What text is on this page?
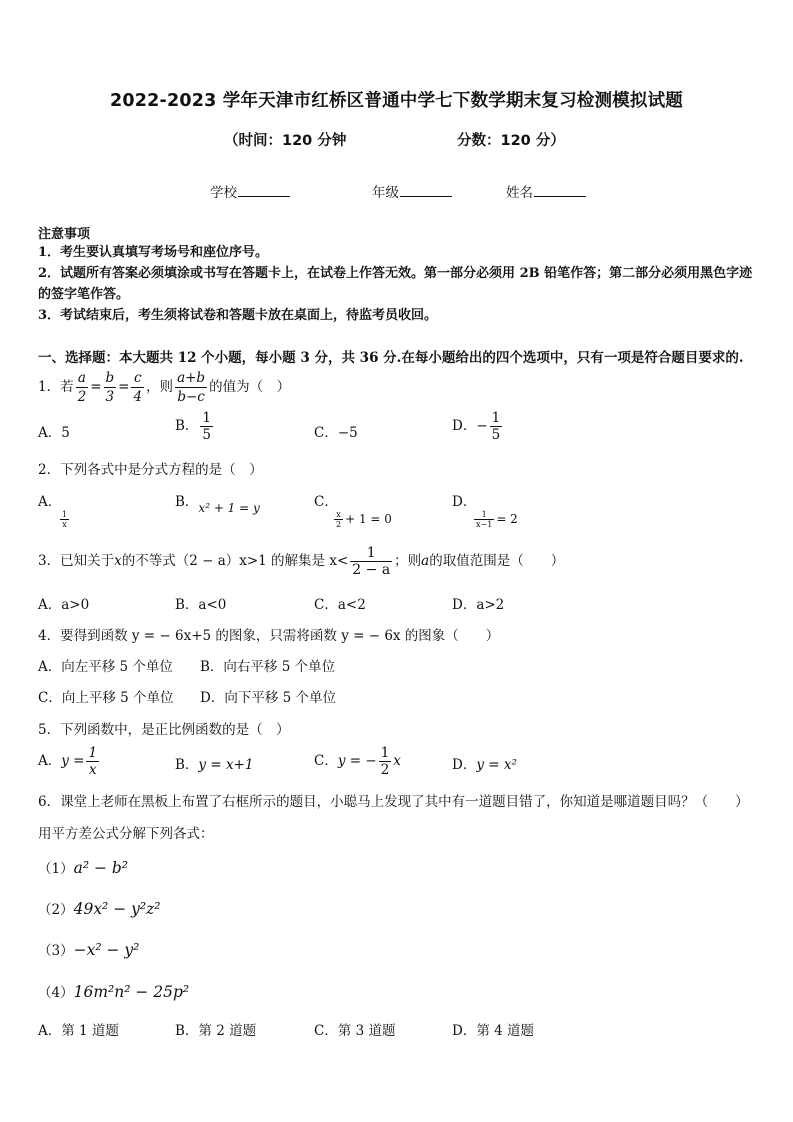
2022-2023 学年天津市红桥区普通中学七下数学期末复习检测模拟试题
（时间：120 分钟	分数：120 分）
学校	年级	姓名
注意事项
1．考生要认真填写考场号和座位序号。
2．试题所有答案必须填涂或书写在答题卡上，在试卷上作答无效。第一部分必须用 2B 铅笔作答；第二部分必须用黑色字迹的签字笔作答。
3．考试结束后，考生须将试卷和答题卡放在桌面上，待监考员收回。
一、选择题：本大题共 12 个小题，每小题 3 分，共 36 分.在每小题给出的四个选项中，只有一项是符合题目要求的.
1．若 $\frac{a}{2} = \frac{b}{3} = \frac{c}{4}$ ，则 $\frac{a+b}{b-c}$ 的值为（　）
A．5	B． $\frac{1}{5}$	C．−5	D．− $\frac{1}{5}$
2．下列各式中是分式方程的是（　）
A．

$\frac{1}{x}$
B．x² + 1 = y	C．

$\frac{x}{2} + 1 = 0$
D．

$\frac{1}{x-1} = 2$
3．已知关于x的不等式（2 − a）x>1 的解集是 $x< \frac{1}{2 - a}$ ；则a的取值范围是（　　）
A．a>0	B．a<0	C．a<2	D．a>2
4．要得到函数 y = − 6x+5 的图象，只需将函数 y = − 6x 的图象（　　）
A．向左平移 5 个单位 B．向右平移 5 个单位
C．向上平移 5 个单位 D．向下平移 5 个单位
5．下列函数中，是正比例函数的是（　）
A．$y = \frac{1}{x}$	B．y = x+1	C．y = − $\frac{1}{2}$ x	D．y = x²
6．课堂上老师在黑板上布置了右框所示的题目，小聪马上发现了其中有一道题目错了，你知道是哪道题目吗？（　　）
用平方差公式分解下列各式：
（1）a² − b²
（2）49x² − y²z²
（3）−x² − y²
（4）16m²n² − 25p²
A．第 1 道题	B．第 2 道题	C．第 3 道题	D．第 4 道题
